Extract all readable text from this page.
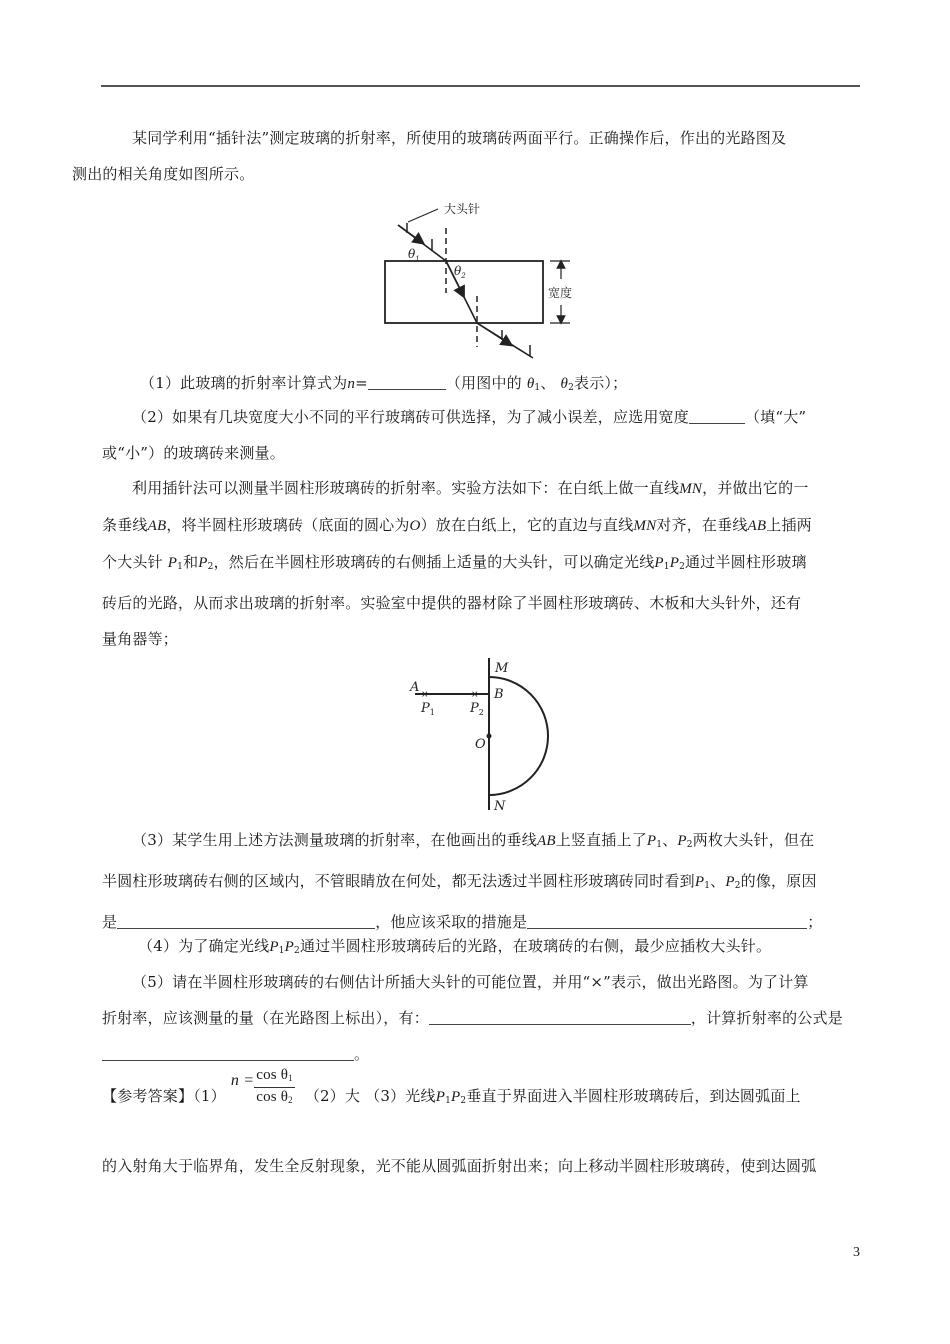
某同学利用“插针法”测定玻璃的折射率，所使用的玻璃砖两面平行。正确操作后，作出的光路图及
测出的相关角度如图所示。
大头针
$\theta_1$
$\theta_2$
宽度
（1）此玻璃的折射率计算式为n=	（用图中的 $\theta_1$、 $\theta_2$表示）；
（2）如果有几块宽度大小不同的平行玻璃砖可供选择，为了减小误差，应选用宽度	（填“大”
或“小”）的玻璃砖来测量。
利用插针法可以测量半圆柱形玻璃砖的折射率。实验方法如下：在白纸上做一直线MN，并做出它的一
条垂线AB，将半圆柱形玻璃砖（底面的圆心为O）放在白纸上，它的直边与直线MN对齐，在垂线AB上插两
个大头针 $P_1$和$P_2$，然后在半圆柱形玻璃砖的右侧插上适量的大头针，可以确定光线$P_1P_2$通过半圆柱形玻璃
砖后的光路，从而求出玻璃的折射率。实验室中提供的器材除了半圆柱形玻璃砖、木板和大头针外，还有
量角器等；
×	×
A	B
M
N
O
$P_1$	$P_2$
（3）某学生用上述方法测量玻璃的折射率，在他画出的垂线AB上竖直插上了$P_1$、$P_2$两枚大头针，但在
半圆柱形玻璃砖右侧的区域内，不管眼睛放在何处，都无法透过半圆柱形玻璃砖同时看到$P_1$、$P_2$的像，原因
是	，他应该采取的措施是	；
（4）为了确定光线$P_1P_2$通过半圆柱形玻璃砖后的光路，在玻璃砖的右侧，最少应插枚大头针。
（5）请在半圆柱形玻璃砖的右侧估计所插大头针的可能位置，并用“×”表示，做出光路图。为了计算
折射率，应该测量的量（在光路图上标出），有：	，计算折射率的公式是
。
【参考答案】（1） $n = \frac{\cos \theta_1}{\cos \theta_2} (2)$大 （3）光线$P_1P_2$垂直于界面进入半圆柱形玻璃砖后，到达圆弧面上
的入射角大于临界角，发生全反射现象，光不能从圆弧面折射出来；向上移动半圆柱形玻璃砖，使到达圆弧
3
